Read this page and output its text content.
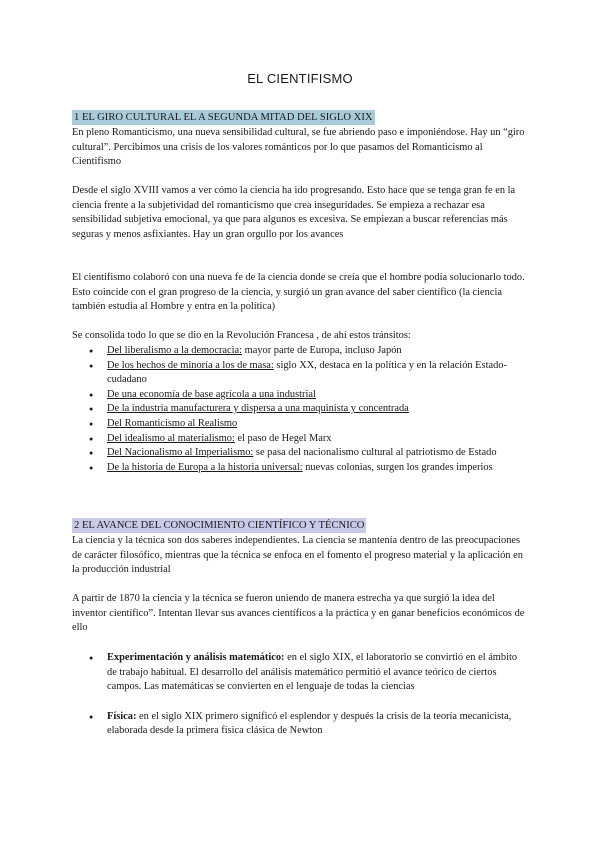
EL CIENTIFISMO
1 EL GIRO CULTURAL EL A SEGUNDA MITAD DEL SIGLO XIX

En pleno Romanticismo, una nueva sensibilidad cultural, se fue abriendo paso e imponiéndose. Hay un “giro cultural”. Percibimos una crisis de los valores románticos por lo que pasamos del Romanticismo al Cientifismo

Desde el siglo XVIII vamos a ver cómo la ciencia ha ido progresando. Esto hace que se tenga gran fe en la ciencia frente a la subjetividad del romanticismo que crea inseguridades. Se empieza a rechazar esa sensibilidad subjetiva emocional, ya que para algunos es excesiva. Se empiezan a buscar referencias más seguras y menos asfixiantes. Hay un gran orgullo por los avances

El cientifismo colaboró con una nueva fe de la ciencia donde se creía que el hombre podía solucionarlo todo. Esto coincide con el gran progreso de la ciencia, y surgió un gran avance del saber científico (la ciencia también estudia al Hombre y entra en la política)

Se consolida todo lo que se dio en la Revolución Francesa , de ahí estos tránsitos:

● Del liberalismo a la democracia: mayor parte de Europa, incluso Japón
● De los hechos de minoría a los de masa: siglo XX, destaca en la política y en la relación Estado-cudadano
● De una economía de base agrícola a una industrial
● De la industria manufacturera y dispersa a una maquinista y concentrada
● Del Romanticismo al Realismo
● Del idealismo al materialismo: el paso de Hegel Marx
● Del Nacionalismo al Imperialismo: se pasa del nacionalismo cultural al patriotismo de Estado
● De la historia de Europa a la historia universal: nuevas colonias, surgen los grandes imperios
2 EL AVANCE DEL CONOCIMIENTO CIENTÍFICO Y TÉCNICO

La ciencia y la técnica son dos saberes independientes. La ciencia se mantenía dentro de las preocupaciones de carácter filosófico, mientras que la técnica se enfoca en el fomento el progreso material y la aplicación en la producción industrial

A partir de 1870 la ciencia y la técnica se fueron uniendo de manera estrecha ya que surgió la idea del inventor científico”. Intentan llevar sus avances científicos a la práctica y en ganar beneficios económicos de ello

● Experimentación y análisis matemático: en el siglo XIX, el laboratorio se convirtió en el ámbito de trabajo habitual. El desarrollo del análisis matemático permitió el avance teórico de ciertos campos. Las matemáticas se convierten en el lenguaje de todas la ciencias
● Física: en el siglo XIX primero significó el esplendor y después la crisis de la teoría mecanicista, elaborada desde la primera física clásica de Newton
